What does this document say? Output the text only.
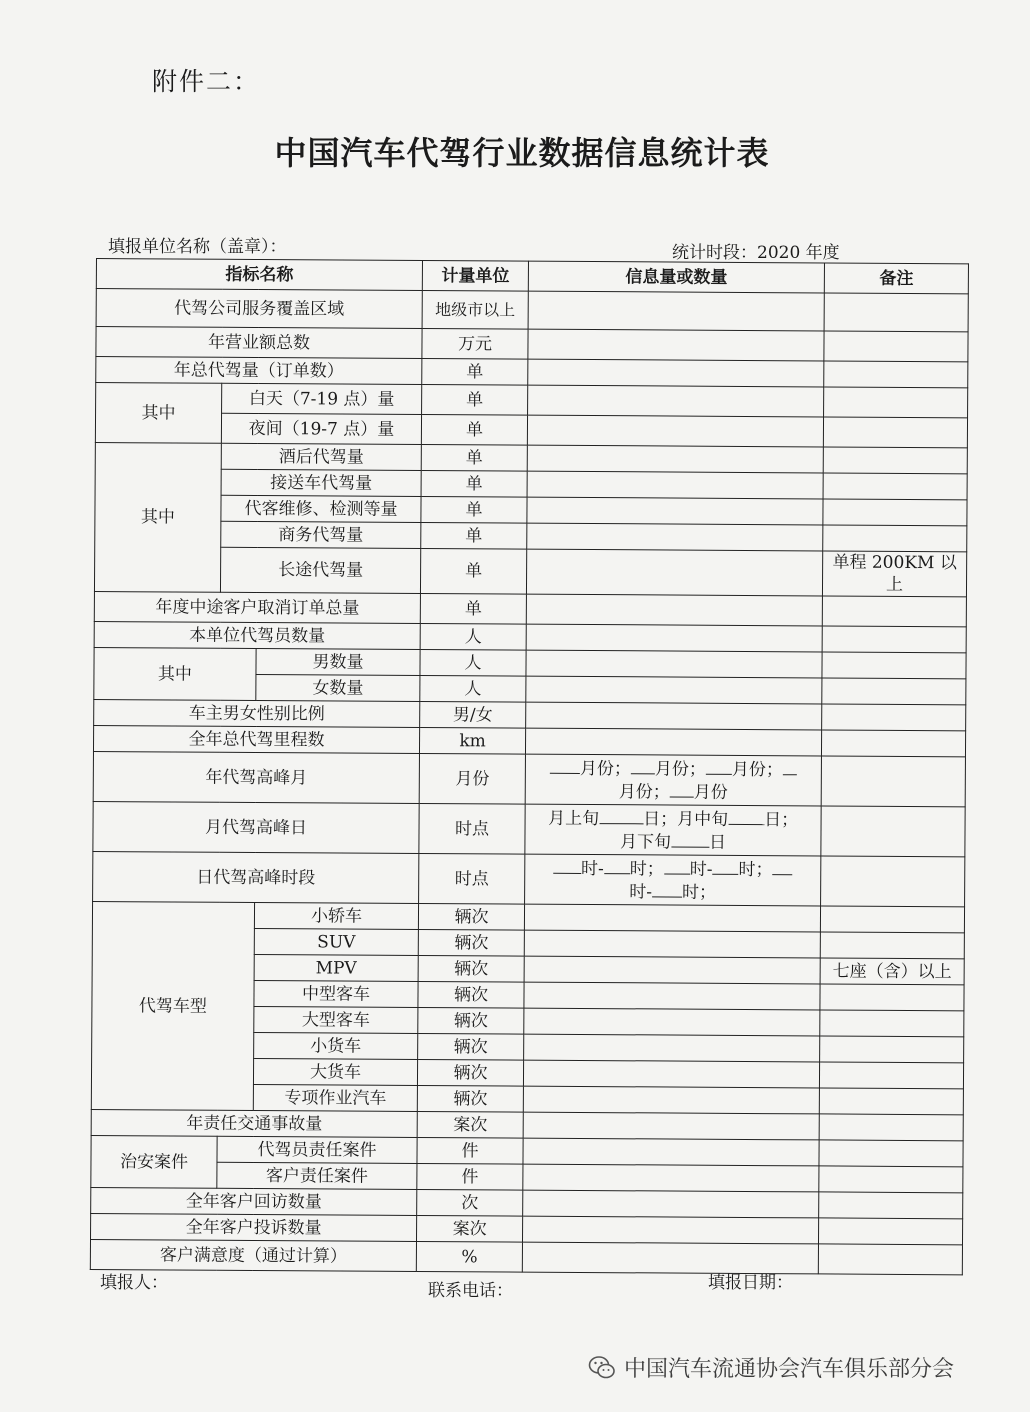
附件二：
中国汽车代驾行业数据信息统计表
填报单位名称（盖章）：	统计时段：2020 年度
指标名称			计量单位	信息量或数量	备注
代驾公司服务覆盖区域			地级市以上		
年营业额总数			万元		
年总代驾量（订单数）			单		
其中	白天（7-19 点）量		单		
	夜间（19-7 点）量		单		
其中	酒后代驾量		单		
	接送车代驾量		单		
	代客维修、检测等量		单		
	商务代驾量		单		
	长途代驾量		单		单程 200KM 以上
年度中途客户取消订单总量			单		
本单位代驾员数量			人		
其中		男数量	人		
		女数量	人		
车主男女性别比例			男/女		
全年总代驾里程数			km		
年代驾高峰月			月份	月份； 月份； 月份；
月份； 月份	
月代驾高峰日			时点	月上旬 日；月中旬 日；
月下旬 日	
日代驾高峰时段			时点	时- 时； 时- 时；
时- 时；	
代驾车型		小轿车	辆次		
		SUV	辆次		
		MPV	辆次		七座（含）以上
		中型客车	辆次		
		大型客车	辆次		
		小货车	辆次		
		大货车	辆次		
		专项作业汽车	辆次		
年责任交通事故量			案次		
治安案件	代驾员责任案件		件		
	客户责任案件		件		
全年客户回访数量			次		
全年客户投诉数量			案次		
客户满意度（通过计算）			%		
填报人：	联系电话：	填报日期：
中国汽车流通协会汽车俱乐部分会
